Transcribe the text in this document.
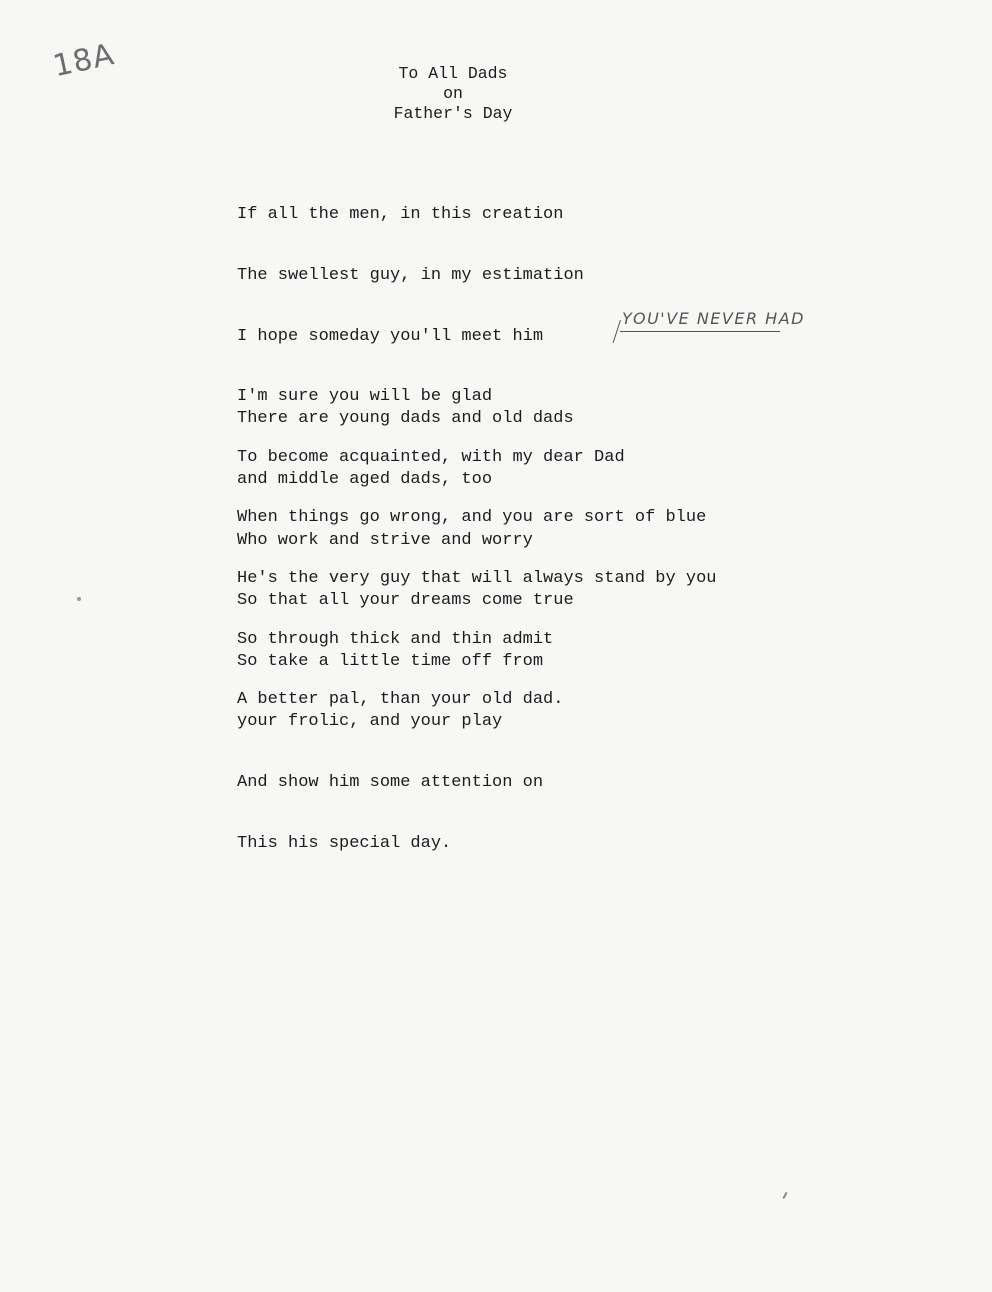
18A	To All Dads
on
Father's Day

If all the men, in this creation

The swellest guy, in my estimation

I hope someday you'll meet him

I'm sure you will be glad

To become acquainted, with my dear Dad

When things go wrong, and you are sort of blue

He's the very guy that will always stand by you

So through thick and thin admit

A better pal, than your old dad.

YOU'VE NEVER HAD

There are young dads and old dads

and middle aged dads, too

Who work and strive and worry

So that all your dreams come true

So take a little time off from

your frolic, and your play

And show him some attention on

This his special day.
